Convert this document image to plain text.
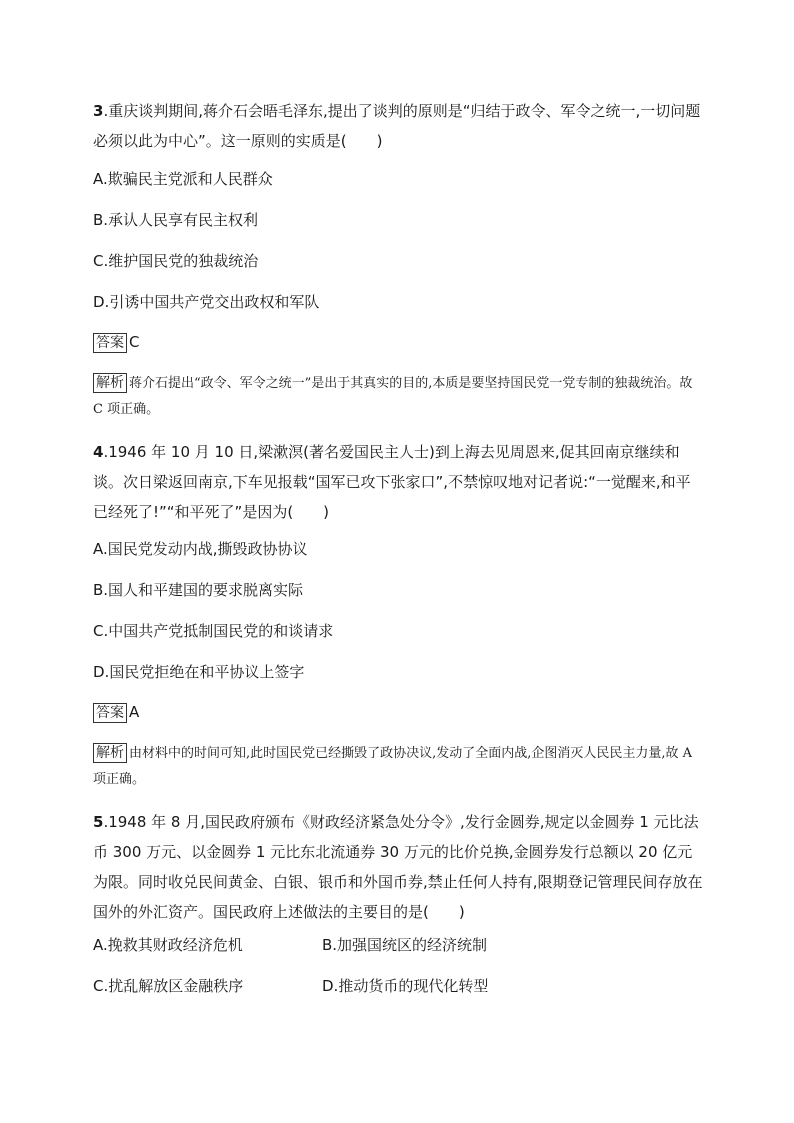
3.重庆谈判期间,蒋介石会晤毛泽东,提出了谈判的原则是“归结于政令、军令之统一,一切问题必须以此为中心”。这一原则的实质是(　　)
A.欺骗民主党派和人民群众
B.承认人民享有民主权利
C.维护国民党的独裁统治
D.引诱中国共产党交出政权和军队
答案 C
解析 蒋介石提出“政令、军令之统一”是出于其真实的目的,本质是要坚持国民党一党专制的独裁统治。故 C 项正确。
4.1946 年 10 月 10 日,梁漱溟(著名爱国民主人士)到上海去见周恩来,促其回南京继续和谈。次日梁返回南京,下车见报载“国军已攻下张家口”,不禁惊叹地对记者说:“一觉醒来,和平已经死了!”“和平死了”是因为(　　)
A.国民党发动内战,撕毁政协协议
B.国人和平建国的要求脱离实际
C.中国共产党抵制国民党的和谈请求
D.国民党拒绝在和平协议上签字
答案 A
解析 由材料中的时间可知,此时国民党已经撕毁了政协决议,发动了全面内战,企图消灭人民民主力量,故 A 项正确。
5.1948 年 8 月,国民政府颁布《财政经济紧急处分令》,发行金圆券,规定以金圆券 1 元比法币 300 万元、以金圆券 1 元比东北流通券 30 万元的比价兑换,金圆券发行总额以 20 亿元为限。同时收兑民间黄金、白银、银币和外国币券,禁止任何人持有,限期登记管理民间存放在国外的外汇资产。国民政府上述做法的主要目的是(　　)
A.挽救其财政经济危机	B.加强国统区的经济统制
C.扰乱解放区金融秩序	D.推动货币的现代化转型
